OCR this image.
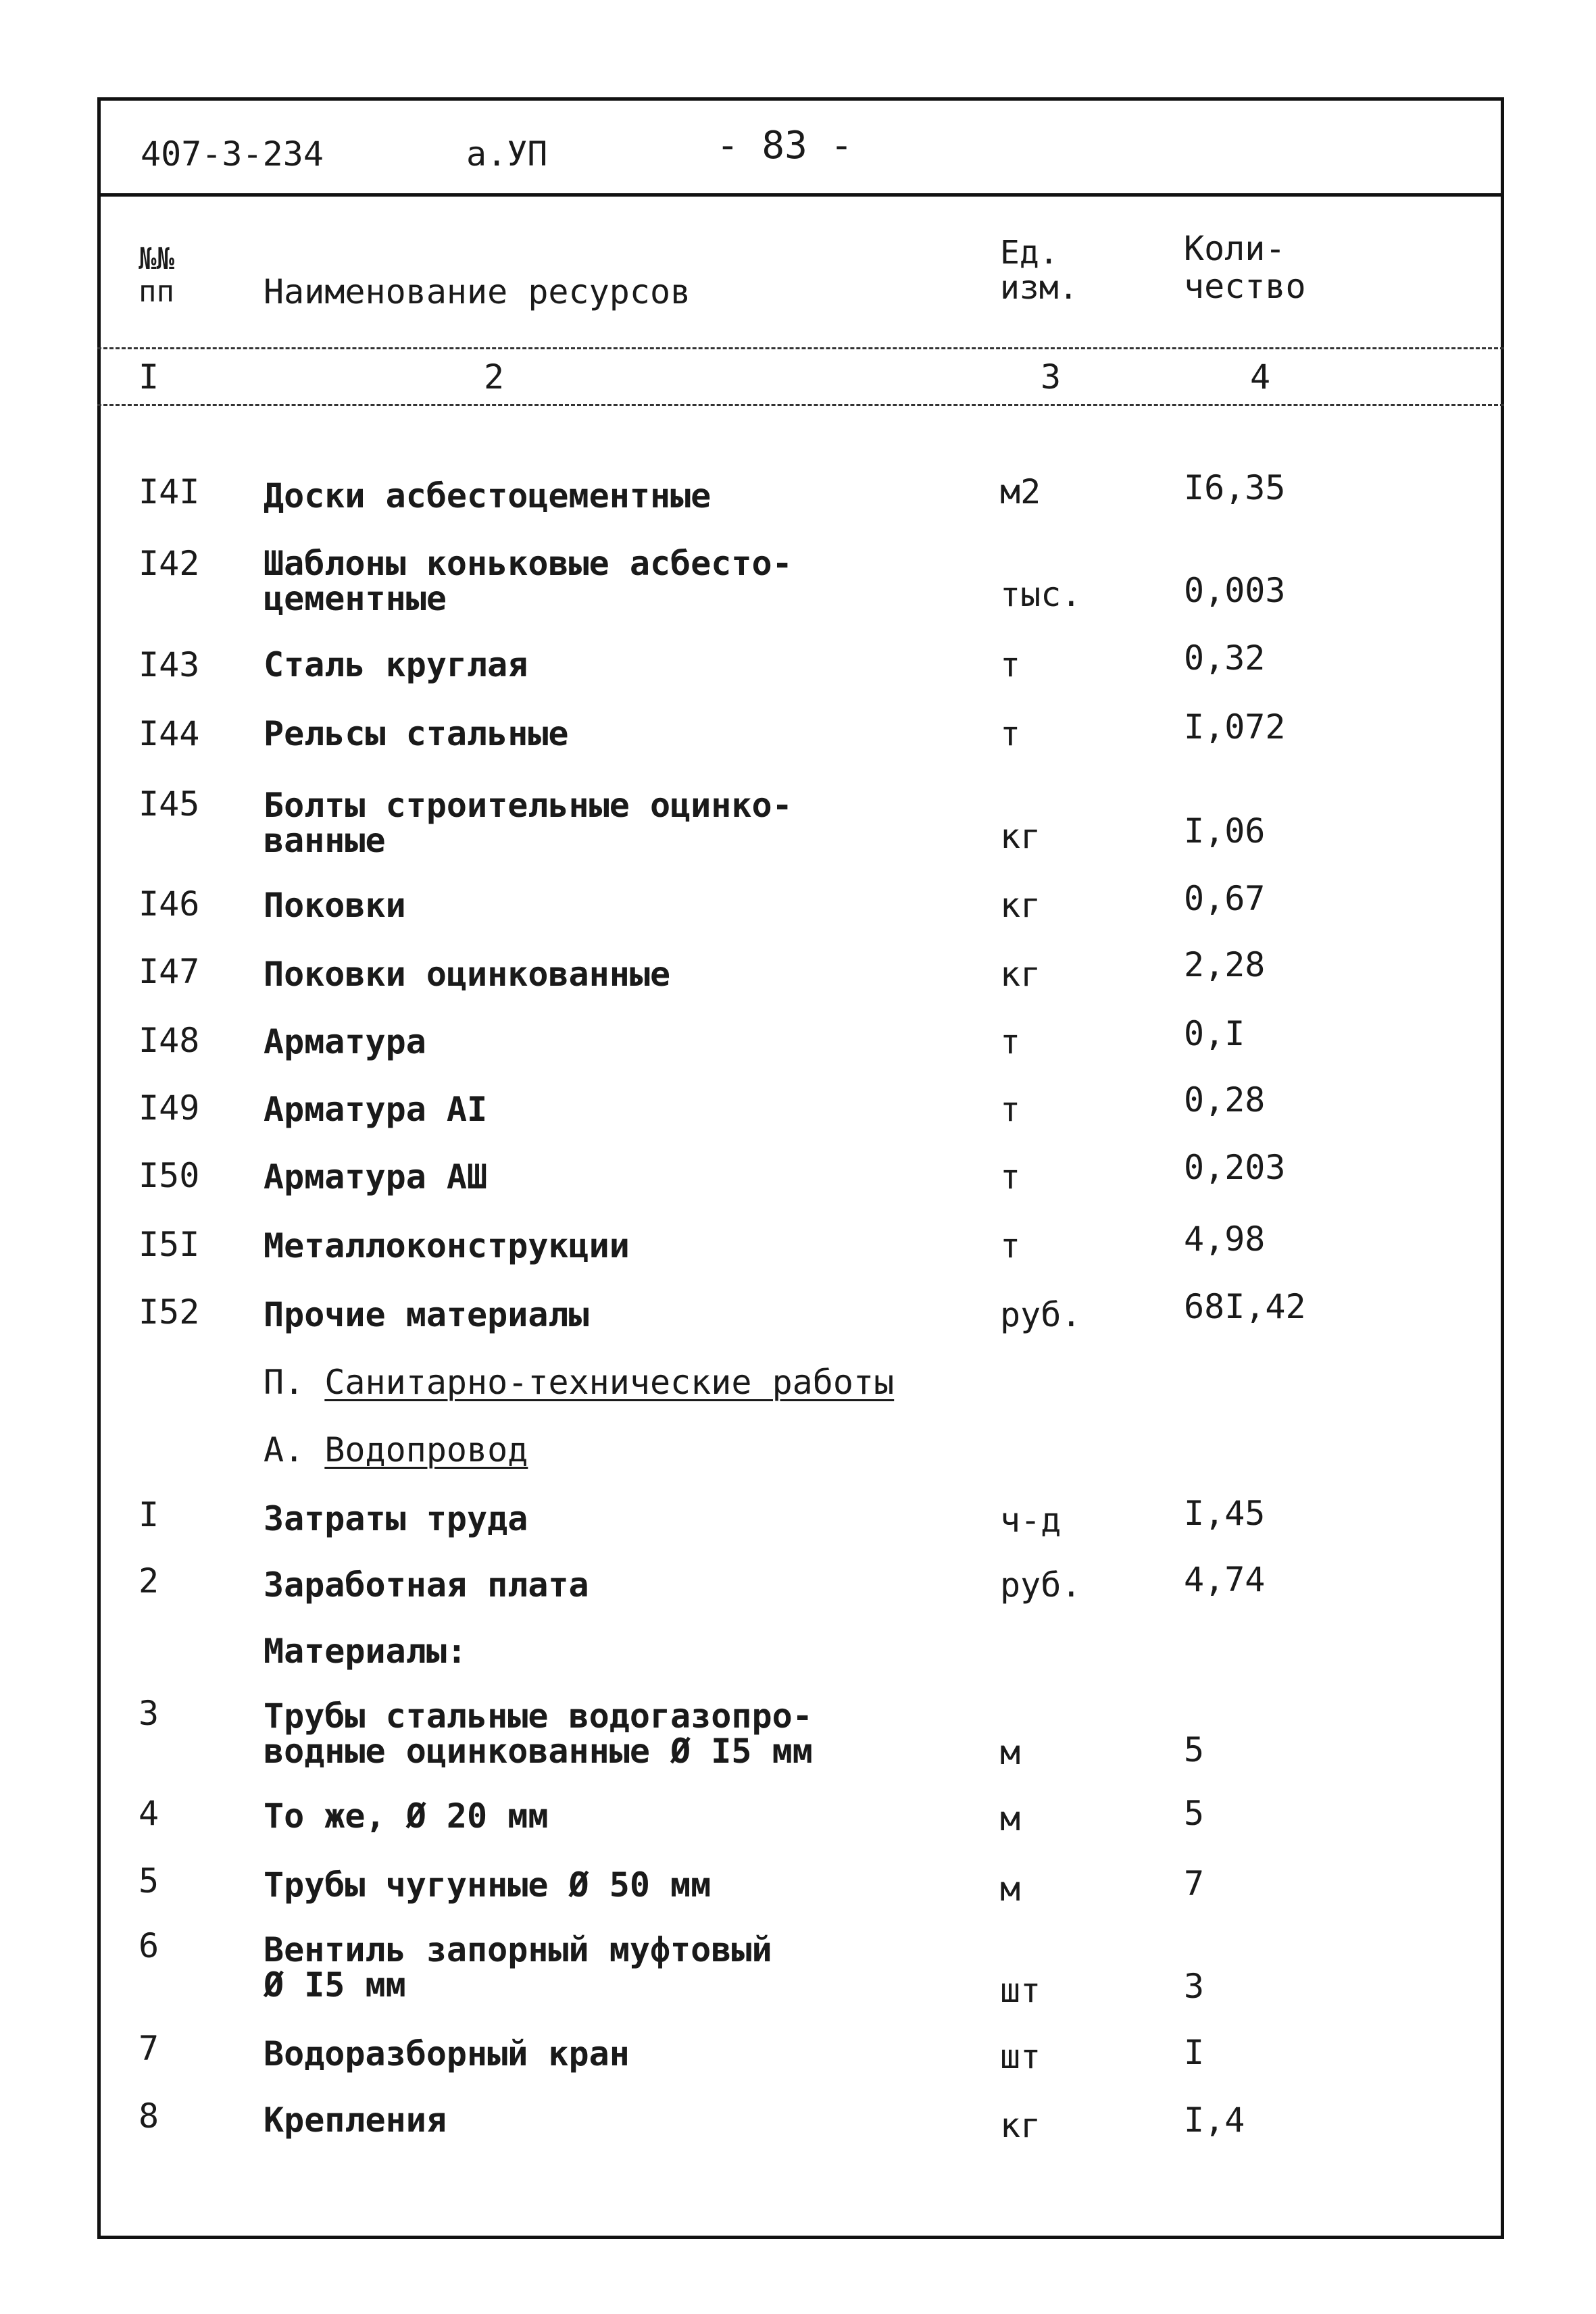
407-3-234	а.УП	- 83 -
№№
пп	Наименование ресурсов
Ед.
изм.
Коли-
чество
I	2	3	4
I4I Доски асбестоцементные	м2	I6,35
I42 Шаблоны коньковые асбесто-
цементные	тыс.	0,003
I43 Сталь круглая	т	0,32
I44 Рельсы стальные	т	I,072
I45 Болты строительные оцинко-
ванные	кг	I,06
I46 Поковки	кг	0,67
I47 Поковки оцинкованные	кг	2,28
I48 Арматура	т	0,I
I49 Арматура АI	т	0,28
I50 Арматура АШ	т	0,203
I5I Металлоконструкции	т	4,98
I52 Прочие материалы	руб.	68I,42
П. Санитарно-технические работы
А. Водопровод
I	Затраты труда	ч-д	I,45
2	Заработная плата	руб.	4,74
Материалы:
3	Трубы стальные водогазопро-
водные оцинкованные Ø I5 мм	м	5
4	То же, Ø 20 мм	м	5
5	Трубы чугунные Ø 50 мм	м	7
6	Вентиль запорный муфтовый
Ø I5 мм	шт	3
7	Водоразборный кран	шт	I
8	Крепления	кг	I,4
